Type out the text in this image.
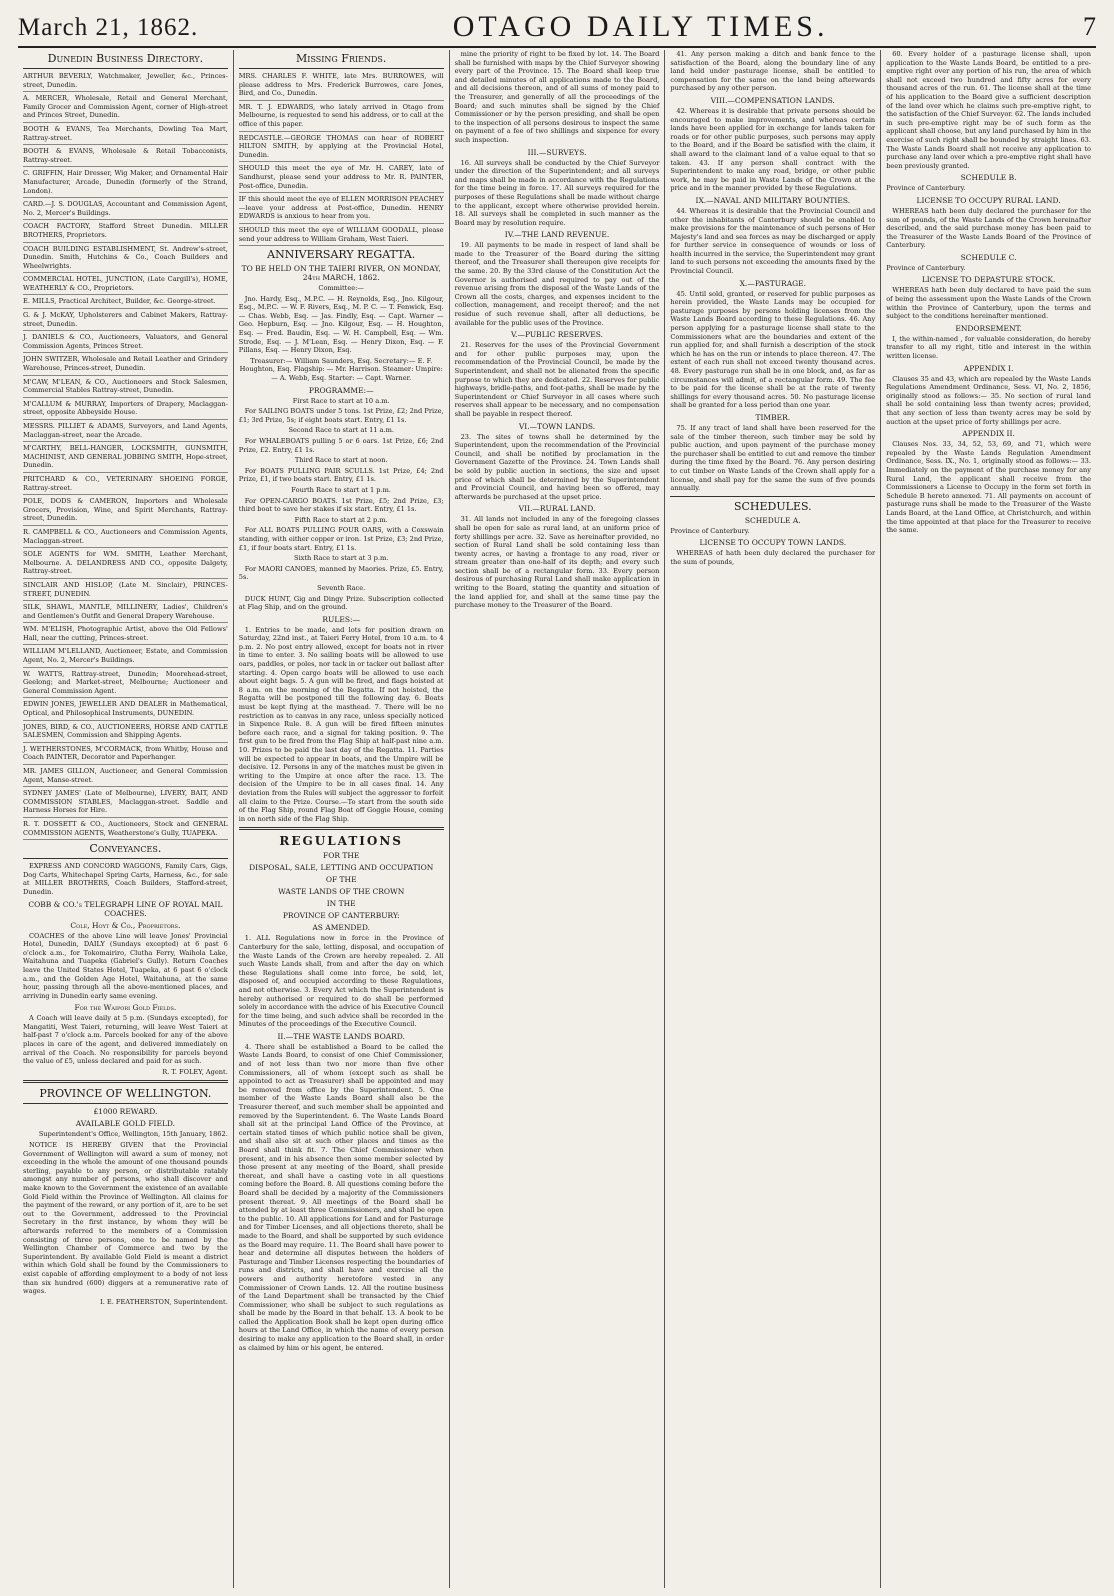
March 21, 1862.	OTAGO DAILY TIMES.	7
Dunedin Business Directory.

ARTHUR BEVERLY, Watchmaker, Jeweller, &c., Princes-street, Dunedin.

A. MERCER, Wholesale, Retail and General Merchant, Family Grocer and Commission Agent, corner of High-street and Princes Street, Dunedin.

BOOTH & EVANS, Tea Merchants, Dowling Tea Mart, Rattray-street.

BOOTH & EVANS, Wholesale & Retail Tobacconists, Rattray-street.

C. GRIFFIN, Hair Dresser, Wig Maker, and Ornamental Hair Manufacturer, Arcade, Dunedin (formerly of the Strand, London).

CARD.—J. S. DOUGLAS, Accountant and Commission Agent, No. 2, Mercer's Buildings.

COACH FACTORY, Stafford Street Dunedin. MILLER BROTHERS, Proprietors.

COACH BUILDING ESTABLISHMENT, St. Andrew's-street, Dunedin. Smith, Hutchins & Co., Coach Builders and Wheelwrights.

COMMERCIAL HOTEL, JUNCTION, (Late Cargill's), HOME, WEATHERLY & CO., Proprietors.

E. MILLS, Practical Architect, Builder, &c. George-street.

G. & J. McKAY, Upholsterers and Cabinet Makers, Rattray-street, Dunedin.

J. DANIELS & CO., Auctioneers, Valuators, and General Commission Agents, Princes Street.

JOHN SWITZER, Wholesale and Retail Leather and Grindery Warehouse, Princes-street, Dunedin.

M'CAW, M'LEAN, & CO., Auctioneers and Stock Salesmen, Commercial Stables Rattray-street, Dunedin.

M'CALLUM & MURRAY, Importers of Drapery, Maclaggan-street, opposite Abbeyside House.

MESSRS. PILLIET & ADAMS, Surveyors, and Land Agents, Maclaggan-street, near the Arcade.

M'CARTHY, BELL-HANGER, LOCKSMITH, GUNSMITH, MACHINIST, AND GENERAL JOBBING SMITH, Hope-street, Dunedin.

PRITCHARD & CO., VETERINARY SHOEING FORGE, Rattray-street.

POLE, DODS & CAMERON, Importers and Wholesale Grocers, Provision, Wine, and Spirit Merchants, Rattray-street, Dunedin.

R. CAMPBELL & CO., Auctioneers and Commission Agents, Maclaggan-street.

SOLE AGENTS for WM. SMITH, Leather Merchant, Melbourne. A. DELANDRESS AND CO., opposite Dalgety, Rattray-street.

SINCLAIR AND HISLOP, (Late M. Sinclair), PRINCES-STREET, DUNEDIN.

SILK, SHAWL, MANTLE, MILLINERY, Ladies', Children's and Gentlemen's Outfit and General Drapery Warehouse.

WM. M'ELISH, Photographic Artist, above the Old Fellows' Hall, near the cutting, Princes-street.

WILLIAM M'LELLAND, Auctioneer, Estate, and Commission Agent, No. 2, Mercer's Buildings.

W. WATTS, Rattray-street, Dunedin; Moorehead-street, Geelong; and Market-street, Melbourne; Auctioneer and General Commission Agent.

EDWIN JONES, JEWELLER AND DEALER in Mathematical, Optical, and Philosophical Instruments, DUNEDIN.

JONES, BIRD, & CO., AUCTIONEERS, HORSE AND CATTLE SALESMEN, Commission and Shipping Agents.

J. WETHERSTONES, M'CORMACK, from Whitby, House and Coach PAINTER, Decorator and Paperhanger.

MR. JAMES GILLON, Auctioneer, and General Commission Agent, Manse-street.

SYDNEY JAMES' (Late of Melbourne), LIVERY, BAIT, AND COMMISSION STABLES, Maclaggan-street. Saddle and Harness Horses for Hire.

R. T. DOSSETT & CO., Auctioneers, Stock and GENERAL COMMISSION AGENTS, Weatherstone's Gully, TUAPEKA.

Conveyances.

EXPRESS AND CONCORD WAGGONS, Family Cars, Gigs, Dog Carts, Whitechapel Spring Carts, Harness, &c., for sale at MILLER BROTHERS, Coach Builders, Stafford-street, Dunedin.

COBB & CO.'s TELEGRAPH LINE OF ROYAL MAIL COACHES.
Cole, Hoyt & Co., Proprietors.

COACHES of the above Line will leave Jones' Provincial Hotel, Dunedin, DAILY (Sundays excepted) at 6 past 6 o'clock a.m., for Tokomairiro, Clutha Ferry, Waihola Lake, Waitahuna and Tuapeka (Gabriel's Gully). Return Coaches leave the United States Hotel, Tuapeka, at 6 past 6 o'clock a.m., and the Golden Age Hotel, Waitahuna, at the same hour, passing through all the above-mentioned places, and arriving in Dunedin early same evening.

For the Waipori Gold Fields.

A Coach will leave daily at 5 p.m. (Sundays excepted), for Mangatiti, West Taieri, returning, will leave West Taieri at half-past 7 o'clock a.m. Parcels booked for any of the above places in care of the agent, and delivered immediately on arrival of the Coach. No responsibility for parcels beyond the value of £5, unless declared and paid for as such.

R. T. FOLEY, Agent.

PROVINCE OF WELLINGTON.
£1000 REWARD.
AVAILABLE GOLD FIELD.

Superintendent's Office, Wellington, 15th January, 1862.

NOTICE IS HEREBY GIVEN that the Provincial Government of Wellington will award a sum of money, not exceeding in the whole the amount of one thousand pounds sterling, payable to any person, or distributable ratably amongst any number of persons, who shall discover and make known to the Government the existence of an available Gold Field within the Province of Wellington. All claims for the payment of the reward, or any portion of it, are to be set out to the Government, addressed to the Provincial Secretary in the first instance, by whom they will be afterwards referred to the members of a Commission consisting of three persons, one to be named by the Wellington Chamber of Commerce and two by the Superintendent. By available Gold Field is meant a district within which Gold shall be found by the Commissioners to exist capable of affording employment to a body of not less than six hundred (600) diggers at a remunerative rate of wages.

I. E. FEATHERSTON, Superintendent.

Missing Friends.

MRS. CHARLES F. WHITE, late Mrs. BURROWES, will please address to Mrs. Frederick Burrowes, care Jones, Bird, and Co., Dunedin.

MR. T. J. EDWARDS, who lately arrived in Otago from Melbourne, is requested to send his address, or to call at the office of this paper.

REDCASTLE.—GEORGE THOMAS can hear of ROBERT HILTON SMITH, by applying at the Provincial Hotel, Dunedin.

SHOULD this meet the eye of Mr. H. CAREY, late of Sandhurst, please send your address to Mr. R. PAINTER, Post-office, Dunedin.

IF this should meet the eye of ELLEN MORRISON PEACHEY—leave your address at Post-office, Dunedin. HENRY EDWARDS is anxious to hear from you.

SHOULD this meet the eye of WILLIAM GOODALL, please send your address to William Graham, West Taieri.

ANNIVERSARY REGATTA.
TO BE HELD ON THE TAIERI RIVER, ON MONDAY, 24th MARCH, 1862.

Committee:—

Jno. Hardy, Esq., M.P.C. — H. Reynolds, Esq., Jno. Kilgour, Esq., M.P.C. — W. F. Rivers, Esq., M. P. C. — T. Fenwick, Esq. — Chas. Webb, Esq. — Jas. Findly, Esq. — Capt. Warner — Geo. Hepburn, Esq. — Jno. Kilgour, Esq. — H. Houghton, Esq. — Fred. Baudin, Esq. — W. H. Campbell, Esq. — Wm. Strode, Esq. — J. M'Lean, Esq. — Henry Dixon, Esq. — F. Pillans, Esq. — Henry Dixon, Esq.

Treasurer:— William Saunders, Esq. Secretary:— E. F. Houghton, Esq. Flagship: — Mr. Harrison. Steamer: Umpire: — A. Webb, Esq. Starter: — Capt. Warner.

PROGRAMME:—

First Race to start at 10 a.m.

For SAILING BOATS under 5 tons. 1st Prize, £2; 2nd Prize, £1; 3rd Prize, 5s; if eight boats start. Entry, £1 1s.

Second Race to start at 11 a.m.

For WHALEBOATS pulling 5 or 6 oars. 1st Prize, £6; 2nd Prize, £2. Entry, £1 1s.

Third Race to start at noon.

For BOATS PULLING PAIR SCULLS. 1st Prize, £4; 2nd Prize, £1, if two boats start. Entry, £1 1s.

Fourth Race to start at 1 p.m.

For OPEN-CARGO BOATS. 1st Prize, £5; 2nd Prize, £3; third boat to save her stakes if six start. Entry, £1 1s.

Fifth Race to start at 2 p.m.

For ALL BOATS PULLING FOUR OARS, with a Coxswain standing, with either copper or iron. 1st Prize, £3; 2nd Prize, £1, if four boats start. Entry, £1 1s.

Sixth Race to start at 3 p.m.

For MAORI CANOES, manned by Maories. Prize, £5. Entry, 5s.

Seventh Race.

DUCK HUNT, Gig and Dingy Prize. Subscription collected at Flag Ship, and on the ground.

RULES:—

1. Entries to be made, and lots for position drawn on Saturday, 22nd inst., at Taieri Ferry Hotel, from 10 a.m. to 4 p.m. 2. No post entry allowed, except for boats not in river in time to enter. 3. No sailing boats will be allowed to use oars, paddles, or poles, nor tack in or tacker out ballast after starting. 4. Open cargo boats will be allowed to use each about eight bags. 5. A gun will be fired, and flags hoisted at 8 a.m. on the morning of the Regatta. If not hoisted, the Regatta will be postponed till the following day. 6. Boats must be kept flying at the masthead. 7. There will be no restriction as to canvas in any race, unless specially noticed in Sixpence Rule. 8. A gun will be fired fifteen minutes before each race, and a signal for taking position. 9. The first gun to be fired from the Flag Ship at half-past nine a.m. 10. Prizes to be paid the last day of the Regatta. 11. Parties will be expected to appear in boats, and the Umpire will be decisive. 12. Persons in any of the matches must be given in writing to the Umpire at once after the race. 13. The decision of the Umpire to be in all cases final. 14. Any deviation from the Rules will subject the aggressor to forfeit all claim to the Prize. Course.—To start from the south side of the Flag Ship, round Flag Boat off Goggie House, coming in on north side of the Flag Ship.

REGULATIONS
FOR THE
DISPOSAL, SALE, LETTING AND OCCUPATION
OF THE
WASTE LANDS OF THE CROWN
IN THE
PROVINCE OF CANTERBURY:
AS AMENDED.

1. ALL Regulations now in force in the Province of Canterbury for the sale, letting, disposal, and occupation of the Waste Lands of the Crown are hereby repealed. 2. All such Waste Lands shall, from and after the day on which these Regulations shall come into force, be sold, let, disposed of, and occupied according to these Regulations, and not otherwise. 3. Every Act which the Superintendent is hereby authorised or required to do shall be performed solely in accordance with the advice of his Executive Council for the time being, and such advice shall be recorded in the Minutes of the proceedings of the Executive Council.

II.—THE WASTE LANDS BOARD.

4. There shall be established a Board to be called the Waste Lands Board, to consist of one Chief Commissioner, and of not less than two nor more than five other Commissioners, all of whom (except such as shall be appointed to act as Treasurer) shall be appointed and may be removed from office by the Superintendent. 5. One member of the Waste Lands Board shall also be the Treasurer thereof, and such member shall be appointed and removed by the Superintendent. 6. The Waste Lands Board shall sit at the principal Land Office of the Province, at certain stated times of which public notice shall be given, and shall also sit at such other places and times as the Board shall think fit. 7. The Chief Commissioner when present, and in his absence then some member selected by those present at any meeting of the Board, shall preside thereat, and shall have a casting vote in all questions coming before the Board. 8. All questions coming before the Board shall be decided by a majority of the Commissioners present thereat. 9. All meetings of the Board shall be attended by at least three Commissioners, and shall be open to the public. 10. All applications for Land and for Pasturage and for Timber Licenses, and all objections thereto, shall be made to the Board, and shall be supported by such evidence as the Board may require. 11. The Board shall have power to hear and determine all disputes between the holders of Pasturage and Timber Licenses respecting the boundaries of runs and districts, and shall have and exercise all the powers and authority heretofore vested in any Commissioner of Crown Lands. 12. All the routine business of the Land Department shall be transacted by the Chief Commissioner, who shall be subject to such regulations as shall be made by the Board in that behalf. 13. A book to be called the Application Book shall be kept open during office hours at the Land Office, in which the name of every person desiring to make any application to the Board shall, in order as claimed by him or his agent, be entered.

mine the priority of right to be fixed by lot. 14. The Board shall be furnished with maps by the Chief Surveyor showing every part of the Province. 15. The Board shall keep true and detailed minutes of all applications made to the Board, and all decisions thereon, and of all sums of money paid to the Treasurer, and generally of all the proceedings of the Board; and such minutes shall be signed by the Chief Commissioner or by the person presiding, and shall be open to the inspection of all persons desirous to inspect the same on payment of a fee of two shillings and sixpence for every such inspection.

III.—SURVEYS.

16. All surveys shall be conducted by the Chief Surveyor under the direction of the Superintendent; and all surveys and maps shall be made in accordance with the Regulations for the time being in force. 17. All surveys required for the purposes of these Regulations shall be made without charge to the applicant, except where otherwise provided herein. 18. All surveys shall be completed in such manner as the Board may by resolution require.

IV.—THE LAND REVENUE.

19. All payments to be made in respect of land shall be made to the Treasurer of the Board during the sitting thereof, and the Treasurer shall thereupon give receipts for the same. 20. By the 33rd clause of the Constitution Act the Governor is authorised and required to pay out of the revenue arising from the disposal of the Waste Lands of the Crown all the costs, charges, and expenses incident to the collection, management, and receipt thereof; and the net residue of such revenue shall, after all deductions, be available for the public uses of the Province.

V.—PUBLIC RESERVES.

21. Reserves for the uses of the Provincial Government and for other public purposes may, upon the recommendation of the Provincial Council, be made by the Superintendent, and shall not be alienated from the specific purpose to which they are dedicated. 22. Reserves for public highways, bridle-paths, and foot-paths, shall be made by the Superintendent or Chief Surveyor in all cases where such reserves shall appear to be necessary, and no compensation shall be payable in respect thereof.

VI.—TOWN LANDS.

23. The sites of towns shall be determined by the Superintendent, upon the recommendation of the Provincial Council, and shall be notified by proclamation in the Government Gazette of the Province. 24. Town Lands shall be sold by public auction in sections, the size and upset price of which shall be determined by the Superintendent and Provincial Council, and having been so offered, may afterwards be purchased at the upset price.

VII.—RURAL LAND.

31. All lands not included in any of the foregoing classes shall be open for sale as rural land, at an uniform price of forty shillings per acre. 32. Save as hereinafter provided, no section of Rural Land shall be sold containing less than twenty acres, or having a frontage to any road, river or stream greater than one-half of its depth; and every such section shall be of a rectangular form. 33. Every person desirous of purchasing Rural Land shall make application in writing to the Board, stating the quantity and situation of the land applied for, and shall at the same time pay the purchase money to the Treasurer of the Board.

41. Any person making a ditch and bank fence to the satisfaction of the Board, along the boundary line of any land held under pasturage license, shall be entitled to compensation for the same on the land being afterwards purchased by any other person.

VIII.—COMPENSATION LANDS.

42. Whereas it is desirable that private persons should be encouraged to make improvements, and whereas certain lands have been applied for in exchange for lands taken for roads or for other public purposes, such persons may apply to the Board, and if the Board be satisfied with the claim, it shall award to the claimant land of a value equal to that so taken. 43. If any person shall contract with the Superintendent to make any road, bridge, or other public work, he may be paid in Waste Lands of the Crown at the price and in the manner provided by these Regulations.

IX.—NAVAL AND MILITARY BOUNTIES.

44. Whereas it is desirable that the Provincial Council and other the inhabitants of Canterbury should be enabled to make provisions for the maintenance of such persons of Her Majesty's land and sea forces as may be discharged or apply for further service in consequence of wounds or loss of health incurred in the service, the Superintendent may grant land to such persons not exceeding the amounts fixed by the Provincial Council.

X.—PASTURAGE.

45. Until sold, granted, or reserved for public purposes as herein provided, the Waste Lands may be occupied for pasturage purposes by persons holding licenses from the Waste Lands Board according to these Regulations. 46. Any person applying for a pasturage license shall state to the Commissioners what are the boundaries and extent of the run applied for, and shall furnish a description of the stock which he has on the run or intends to place thereon. 47. The extent of each run shall not exceed twenty thousand acres. 48. Every pasturage run shall be in one block, and, as far as circumstances will admit, of a rectangular form. 49. The fee to be paid for the license shall be at the rate of twenty shillings for every thousand acres. 50. No pasturage license shall be granted for a less period than one year.

TIMBER.

75. If any tract of land shall have been reserved for the sale of the timber thereon, such timber may be sold by public auction, and upon payment of the purchase money the purchaser shall be entitled to cut and remove the timber during the time fixed by the Board. 76. Any person desiring to cut timber on Waste Lands of the Crown shall apply for a license, and shall pay for the same the sum of five pounds annually.

SCHEDULES.
SCHEDULE A.

Province of Canterbury.

LICENSE TO OCCUPY TOWN LANDS.

WHEREAS of hath been duly declared the purchaser for the sum of pounds,

60. Every holder of a pasturage license shall, upon application to the Waste Lands Board, be entitled to a pre-emptive right over any portion of his run, the area of which shall not exceed two hundred and fifty acres for every thousand acres of the run. 61. The license shall at the time of his application to the Board give a sufficient description of the land over which he claims such pre-emptive right, to the satisfaction of the Chief Surveyor. 62. The lands included in such pre-emptive right may be of such form as the applicant shall choose, but any land purchased by him in the exercise of such right shall be bounded by straight lines. 63. The Waste Lands Board shall not receive any application to purchase any land over which a pre-emptive right shall have been previously granted.

SCHEDULE B.

Province of Canterbury.

LICENSE TO OCCUPY RURAL LAND.

WHEREAS hath been duly declared the purchaser for the sum of pounds, of the Waste Lands of the Crown hereinafter described, and the said purchase money has been paid to the Treasurer of the Waste Lands Board of the Province of Canterbury.

SCHEDULE C.

Province of Canterbury.

LICENSE TO DEPASTURE STOCK.

WHEREAS hath been duly declared to have paid the sum of being the assessment upon the Waste Lands of the Crown within the Province of Canterbury, upon the terms and subject to the conditions hereinafter mentioned.

ENDORSEMENT.

I, the within-named , for valuable consideration, do hereby transfer to all my right, title and interest in the within written license.

APPENDIX I.

Clauses 35 and 43, which are repealed by the Waste Lands Regulations Amendment Ordinance, Sess. VI, No. 2, 1856, originally stood as follows:— 35. No section of rural land shall be sold containing less than twenty acres; provided, that any section of less than twenty acres may be sold by auction at the upset price of forty shillings per acre.

APPENDIX II.

Clauses Nos. 33, 34, 52, 53, 69, and 71, which were repealed by the Waste Lands Regulation Amendment Ordinance, Sess. IX., No. 1, originally stood as follows:— 33. Immediately on the payment of the purchase money for any Rural Land, the applicant shall receive from the Commissioners a License to Occupy in the form set forth in Schedule B hereto annexed. 71. All payments on account of pasturage runs shall be made to the Treasurer of the Waste Lands Board, at the Land Office, at Christchurch, and within the time appointed at that place for the Treasurer to receive the same.
